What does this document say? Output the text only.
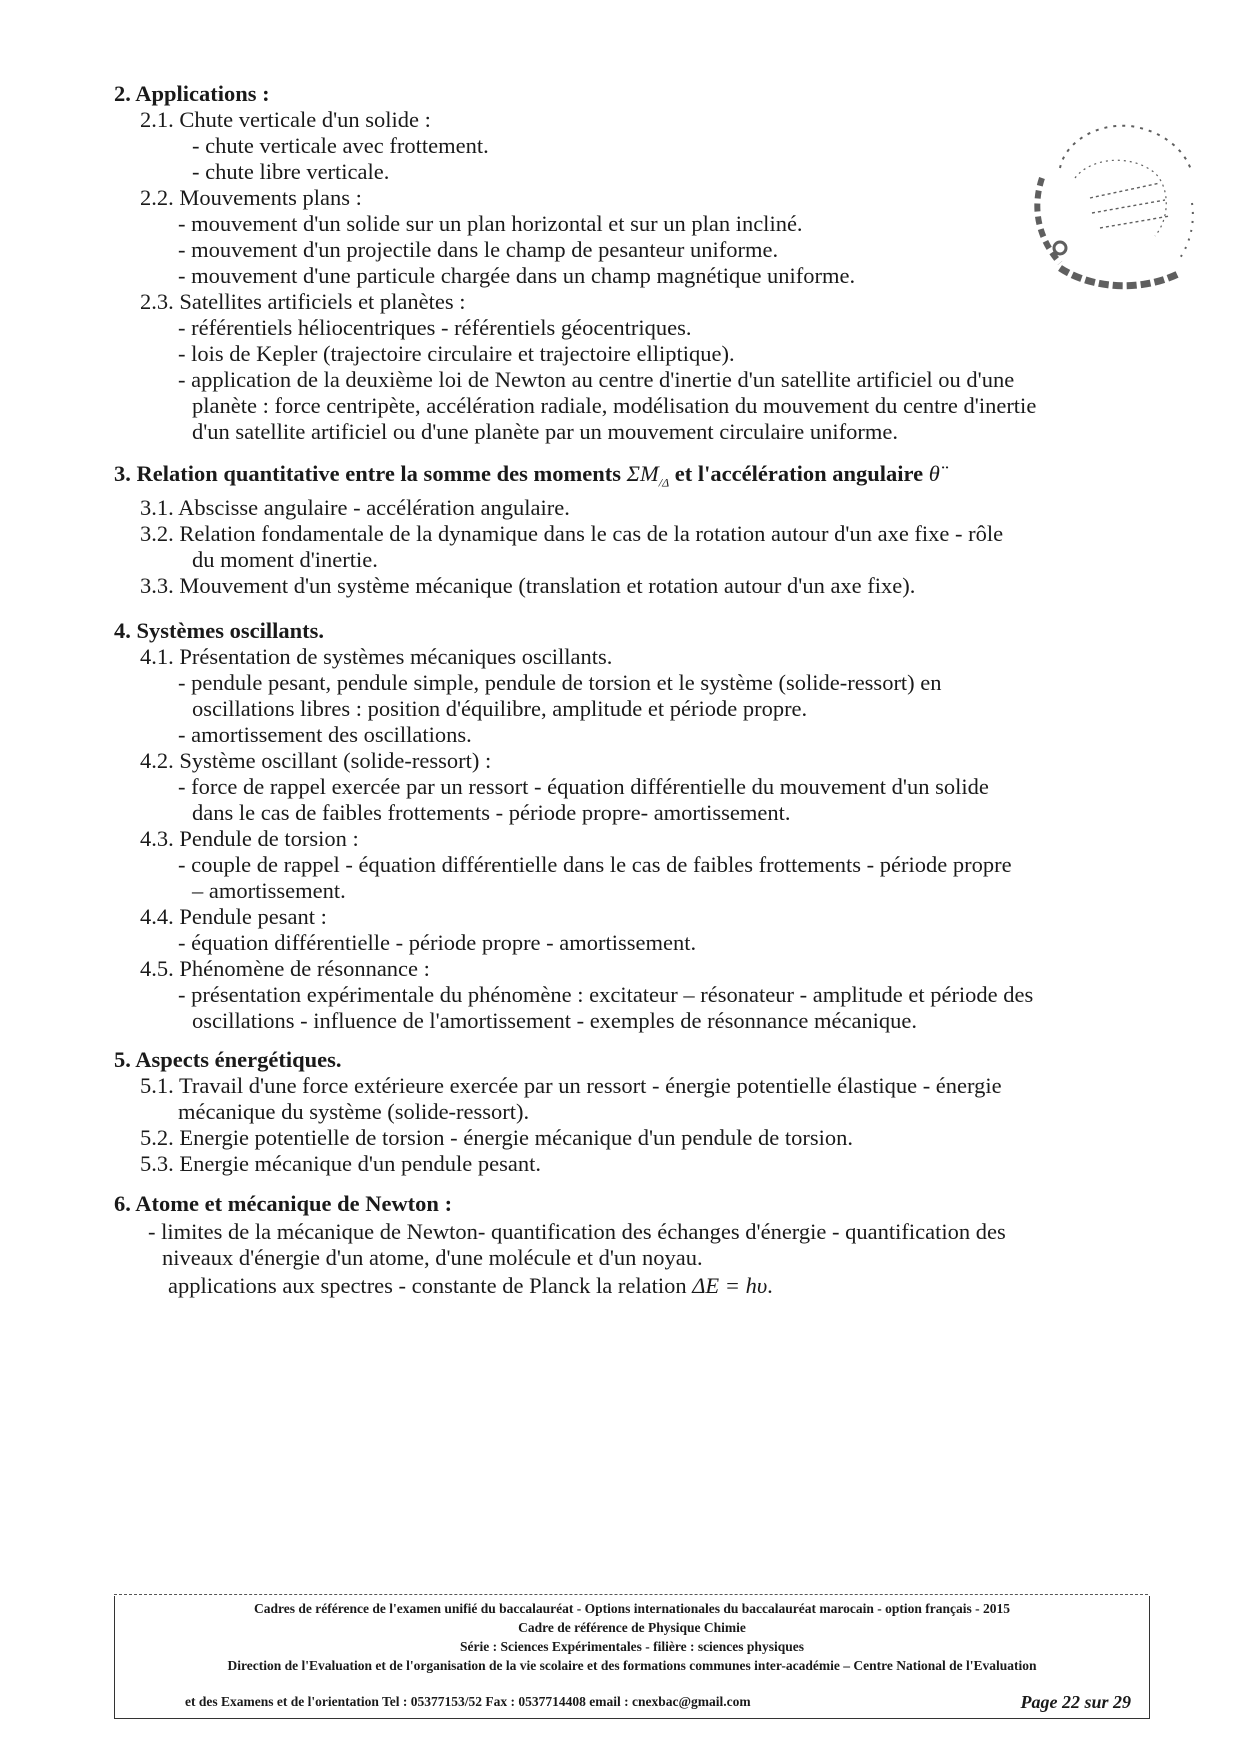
2. Applications :
2.1. Chute verticale d'un solide :
- chute verticale avec frottement.
- chute libre verticale.
2.2. Mouvements plans :
- mouvement d'un solide sur un plan horizontal et sur un plan incliné.
- mouvement d'un projectile dans le champ de pesanteur uniforme.
- mouvement d'une particule chargée dans un champ magnétique uniforme.
2.3. Satellites artificiels et planètes :
- référentiels héliocentriques - référentiels géocentriques.
- lois de Kepler (trajectoire circulaire et trajectoire elliptique).
- application de la deuxième loi de Newton au centre d'inertie d'un satellite artificiel ou d'une
planète : force centripète, accélération radiale, modélisation du mouvement du centre d'inertie
d'un satellite artificiel ou d'une planète par un mouvement circulaire uniforme.
3. Relation quantitative entre la somme des moments $\Sigma M_{/\Delta}$ et l'accélération angulaire θ̈
3.1. Abscisse angulaire - accélération angulaire.
3.2. Relation fondamentale de la dynamique dans le cas de la rotation autour d'un axe fixe - rôle
du moment d'inertie.
3.3. Mouvement d'un système mécanique (translation et rotation autour d'un axe fixe).
4. Systèmes oscillants.
4.1. Présentation de systèmes mécaniques oscillants.
- pendule pesant, pendule simple, pendule de torsion et le système (solide-ressort) en
oscillations libres : position d'équilibre, amplitude et période propre.
- amortissement des oscillations.
4.2. Système oscillant (solide-ressort) :
- force de rappel exercée par un ressort - équation différentielle du mouvement d'un solide
dans le cas de faibles frottements - période propre- amortissement.
4.3. Pendule de torsion :
- couple de rappel - équation différentielle dans le cas de faibles frottements - période propre
– amortissement.
4.4. Pendule pesant :
- équation différentielle - période propre - amortissement.
4.5. Phénomène de résonnance :
- présentation expérimentale du phénomène : excitateur – résonateur - amplitude et période des
oscillations - influence de l'amortissement - exemples de résonnance mécanique.
5. Aspects énergétiques.
5.1. Travail d'une force extérieure exercée par un ressort - énergie potentielle élastique - énergie
mécanique du système (solide-ressort).
5.2. Energie potentielle de torsion - énergie mécanique d'un pendule de torsion.
5.3. Energie mécanique d'un pendule pesant.
6. Atome et mécanique de Newton :
- limites de la mécanique de Newton- quantification des échanges d'énergie - quantification des
niveaux d'énergie d'un atome, d'une molécule et d'un noyau.
applications aux spectres - constante de Planck la relation ΔE = hυ.
Cadres de référence de l'examen unifié du baccalauréat - Options internationales du baccalauréat marocain - option français - 2015
Cadre de référence de Physique Chimie
Série : Sciences Expérimentales - filière : sciences physiques
Direction de l'Evaluation et de l'organisation de la vie scolaire et des formations communes inter-académie – Centre National de l'Evaluation
et des Examens et de l'orientation Tel : 05377153/52 Fax : 0537714408 email : cnexbac@gmail.com	Page 22 sur 29
